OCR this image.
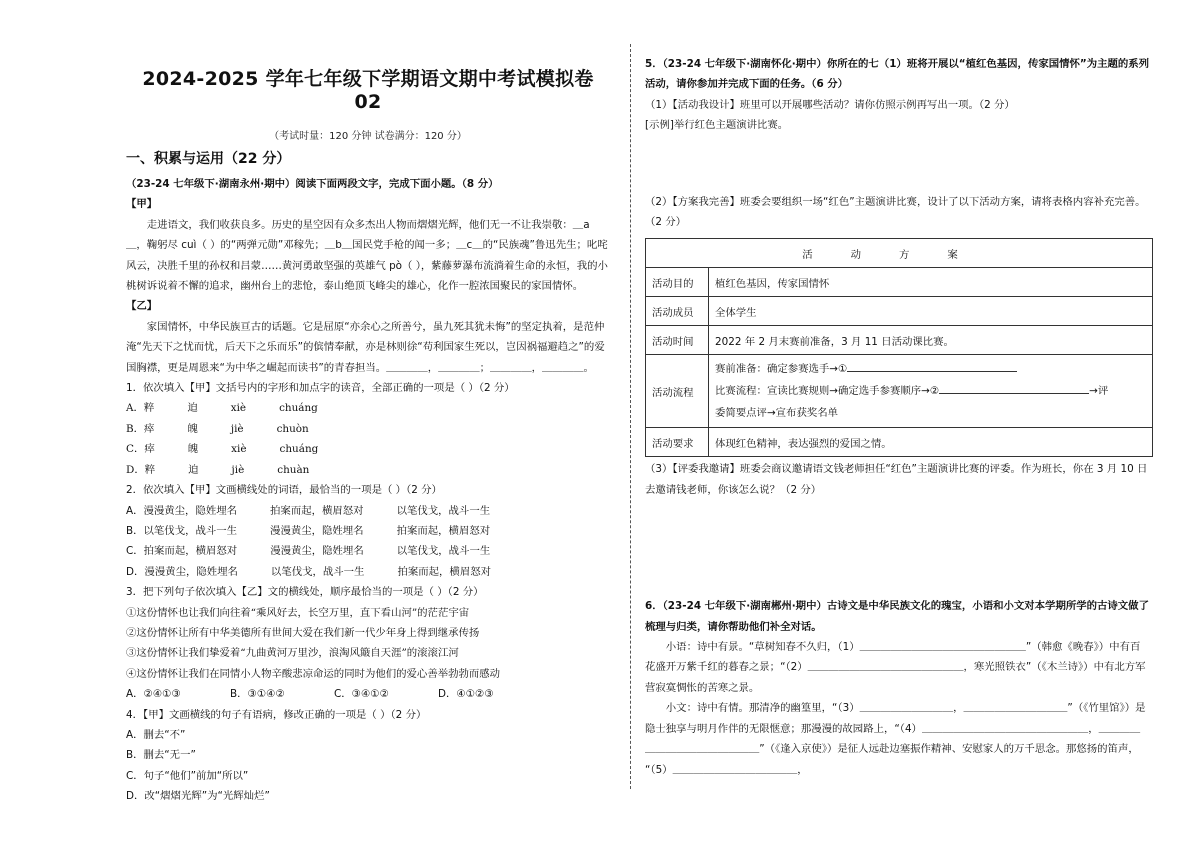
2024-2025 学年七年级下学期语文期中考试模拟卷 02
（考试时量：120 分钟 试卷满分：120 分）
一、积累与运用（22 分）

（23-24 七年级下·湖南永州·期中）阅读下面两段文字，完成下面小题。（8 分）

【甲】

走进语文，我们收获良多。历史的星空因有众多杰出人物而熠熠光辉，他们无一不让我崇敬：＿a＿，鞠躬尽 cuì（ ）的“两弹元勋”邓稼先；＿b＿国民党手枪的闻一多；＿c＿的“民族魂”鲁迅先生；叱咤风云，决胜千里的孙权和吕蒙……黄河勇敢坚强的英雄气 pò（ ），紫藤萝瀑布流淌着生命的永恒，我的小桃树诉说着不懈的追求，幽州台上的悲怆，泰山绝顶飞峰尖的雄心，化作一腔浓国聚民的家国情怀。

【乙】

家国情怀，中华民族亘古的话题。它是屈原“亦余心之所善兮，虽九死其犹未悔”的坚定执着，是范仲淹“先天下之忧而忧，后天下之乐而乐”的傧情奉献，亦是林则徐“苟利国家生死以，岂因祸福避趋之”的爱国胸襟，更是周恩来“为中华之崛起而读书”的青春担当。＿＿＿＿，＿＿＿＿；＿＿＿＿，＿＿＿＿。

1．依次填入【甲】文括号内的字形和加点字的读音，全部正确的一项是（ ）（2 分）

A．粹          迫          xiè          chuáng

B．瘁          魄          jiè          chuòn

C．瘁          魄          xiè          chuáng

D．粹          迫          jiè          chuàn

2．依次填入【甲】文画横线处的词语，最恰当的一项是（ ）（2 分）

A．漫漫黄尘，隐姓埋名          拍案而起，横眉怒对          以笔伐戈，战斗一生

B．以笔伐戈，战斗一生          漫漫黄尘，隐姓埋名          拍案而起，横眉怒对

C．拍案而起，横眉怒对          漫漫黄尘，隐姓埋名          以笔伐戈，战斗一生

D．漫漫黄尘，隐姓埋名          以笔伐戈，战斗一生          拍案而起，横眉怒对

3．把下列句子依次填入【乙】文的横线处，顺序最恰当的一项是（ ）（2 分）

①这份情怀也让我们向往着“乘风好去，长空万里，直下看山河”的茫茫宇宙

②这份情怀让所有中华美德所有世间大爱在我们新一代少年身上得到继承传扬

③这份情怀让我们挚爱着“九曲黄河万里沙，浪淘风簸自天涯”的滚滚江河

④这份情怀让我们在同情小人物辛酸悲凉命运的同时为他们的爱心善举勃勃而感动

A．②④①③	B．③①④②	C．③④①②	D．④①②③

4．【甲】文画横线的句子有语病，修改正确的一项是（ ）（2 分）

A．删去“不”

B．删去“无一”

C．句子“他们”前加“所以”

D．改“熠熠光辉”为“光辉灿烂”

5．（23-24 七年级下·湖南怀化·期中）你所在的七（1）班将开展以“植红色基因，传家国情怀”为主题的系列活动，请你参加并完成下面的任务。（6 分）

（1）【活动我设计】班里可以开展哪些活动？请你仿照示例再写出一项。（2 分）

[示例]举行红色主题演讲比赛。

（2）【方案我完善】班委会要组织一场“红色”主题演讲比赛，设计了以下活动方案，请将表格内容补充完善。（2 分）

活动方案	
活动目的	植红色基因，传家国情怀
活动成员	全体学生
活动时间	2022 年 2 月末赛前准备，3 月 11 日活动课比赛。
活动流程	赛前准备：确定参赛选手→①
比赛流程：宣读比赛规则→确定选手参赛顺序→② →评
委简要点评→宣布获奖名单

活动要求	体现红色精神，表达强烈的爱国之情。

（3）【评委我邀请】班委会商议邀请语文钱老师担任“红色”主题演讲比赛的评委。作为班长，你在 3 月 10 日去邀请钱老师，你该怎么说？（2 分）

6．（23-24 七年级下·湖南郴州·期中）古诗文是中华民族文化的瑰宝，小语和小文对本学期所学的古诗文做了梳理与归类，请你帮助他们补全对话。

小语：诗中有景。“草树知春不久归，（1）＿＿＿＿＿＿＿＿＿＿＿＿＿＿＿＿”（韩愈《晚春》）中有百花盛开万紫千红的暮春之景；“（2）＿＿＿＿＿＿＿＿＿＿＿＿＿＿＿，寒光照铁衣”（《木兰诗》）中有北方军营寂寞惆怅的苦寒之景。

小文：诗中有情。那清净的幽篁里，“（3）＿＿＿＿＿＿＿＿＿，＿＿＿＿＿＿＿＿＿＿”（《竹里馆》）是隐士独享与明月作伴的无限惬意；那漫漫的故园路上，“（4）＿＿＿＿＿＿＿＿＿＿＿＿＿＿＿＿，＿＿＿＿＿＿＿＿＿＿＿＿＿＿＿”（《逢入京使》）是征人远赴边塞振作精神、安慰家人的万千思念。那悠扬的笛声，

“（5）＿＿＿＿＿＿＿＿＿＿＿＿，
